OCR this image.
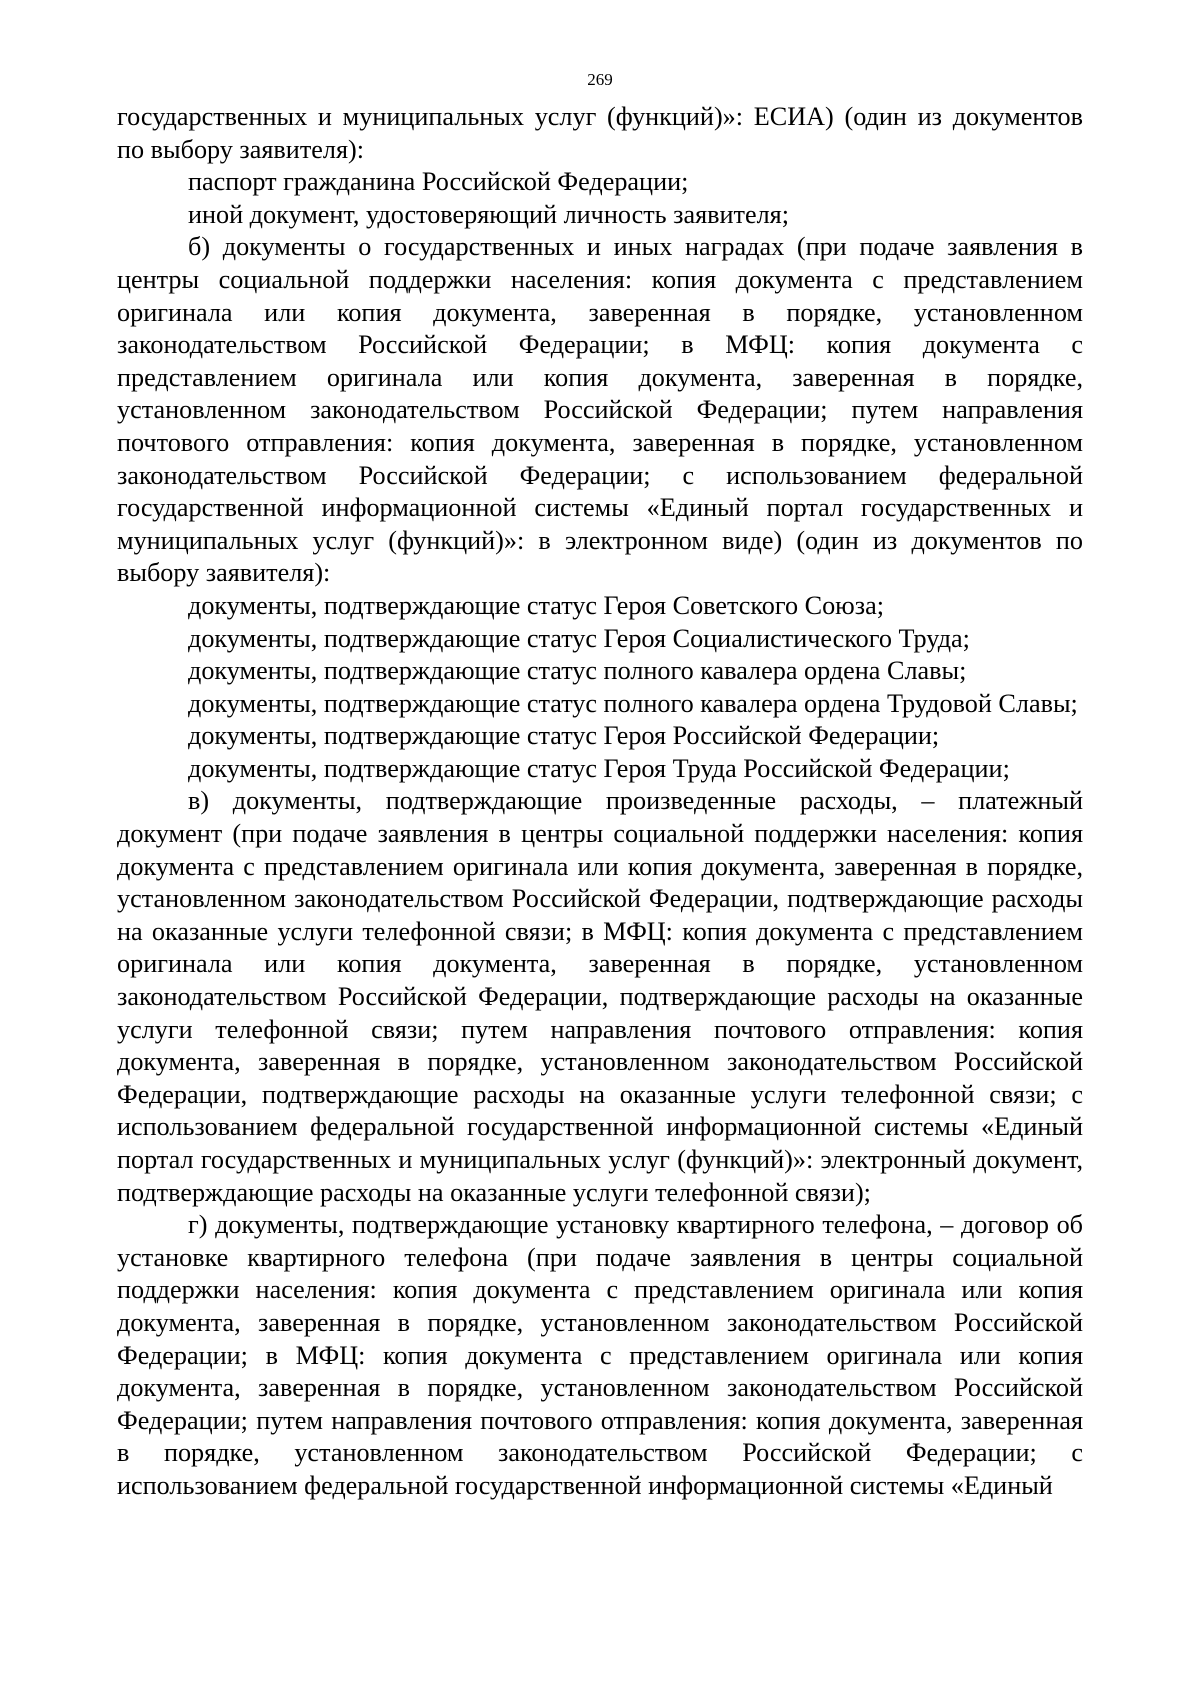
269

государственных и муниципальных услуг (функций)»: ЕСИА) (один из документов по выбору заявителя):

паспорт гражданина Российской Федерации;

иной документ, удостоверяющий личность заявителя;

б) документы о государственных и иных наградах (при подаче заявления в центры социальной поддержки населения: копия документа с представлением оригинала или копия документа, заверенная в порядке, установленном законодательством Российской Федерации; в МФЦ: копия документа с представлением оригинала или копия документа, заверенная в порядке, установленном законодательством Российской Федерации; путем направления почтового отправления: копия документа, заверенная в порядке, установленном законодательством Российской Федерации; с использованием федеральной государственной информационной системы «Единый портал государственных и муниципальных услуг (функций)»: в электронном виде) (один из документов по выбору заявителя):

документы, подтверждающие статус Героя Советского Союза;

документы, подтверждающие статус Героя Социалистического Труда;

документы, подтверждающие статус полного кавалера ордена Славы;

документы, подтверждающие статус полного кавалера ордена Трудовой Славы;

документы, подтверждающие статус Героя Российской Федерации;

документы, подтверждающие статус Героя Труда Российской Федерации;

в) документы, подтверждающие произведенные расходы, – платежный документ (при подаче заявления в центры социальной поддержки населения: копия документа с представлением оригинала или копия документа, заверенная в порядке, установленном законодательством Российской Федерации, подтверждающие расходы на оказанные услуги телефонной связи; в МФЦ: копия документа с представлением оригинала или копия документа, заверенная в порядке, установленном законодательством Российской Федерации, подтверждающие расходы на оказанные услуги телефонной связи; путем направления почтового отправления: копия документа, заверенная в порядке, установленном законодательством Российской Федерации, подтверждающие расходы на оказанные услуги телефонной связи; с использованием федеральной государственной информационной системы «Единый портал государственных и муниципальных услуг (функций)»: электронный документ, подтверждающие расходы на оказанные услуги телефонной связи);

г) документы, подтверждающие установку квартирного телефона, – договор об установке квартирного телефона (при подаче заявления в центры социальной поддержки населения: копия документа с представлением оригинала или копия документа, заверенная в порядке, установленном законодательством Российской Федерации; в МФЦ: копия документа с представлением оригинала или копия документа, заверенная в порядке, установленном законодательством Российской Федерации; путем направления почтового отправления: копия документа, заверенная в порядке, установленном законодательством Российской Федерации; с использованием федеральной государственной информационной системы «Единый
